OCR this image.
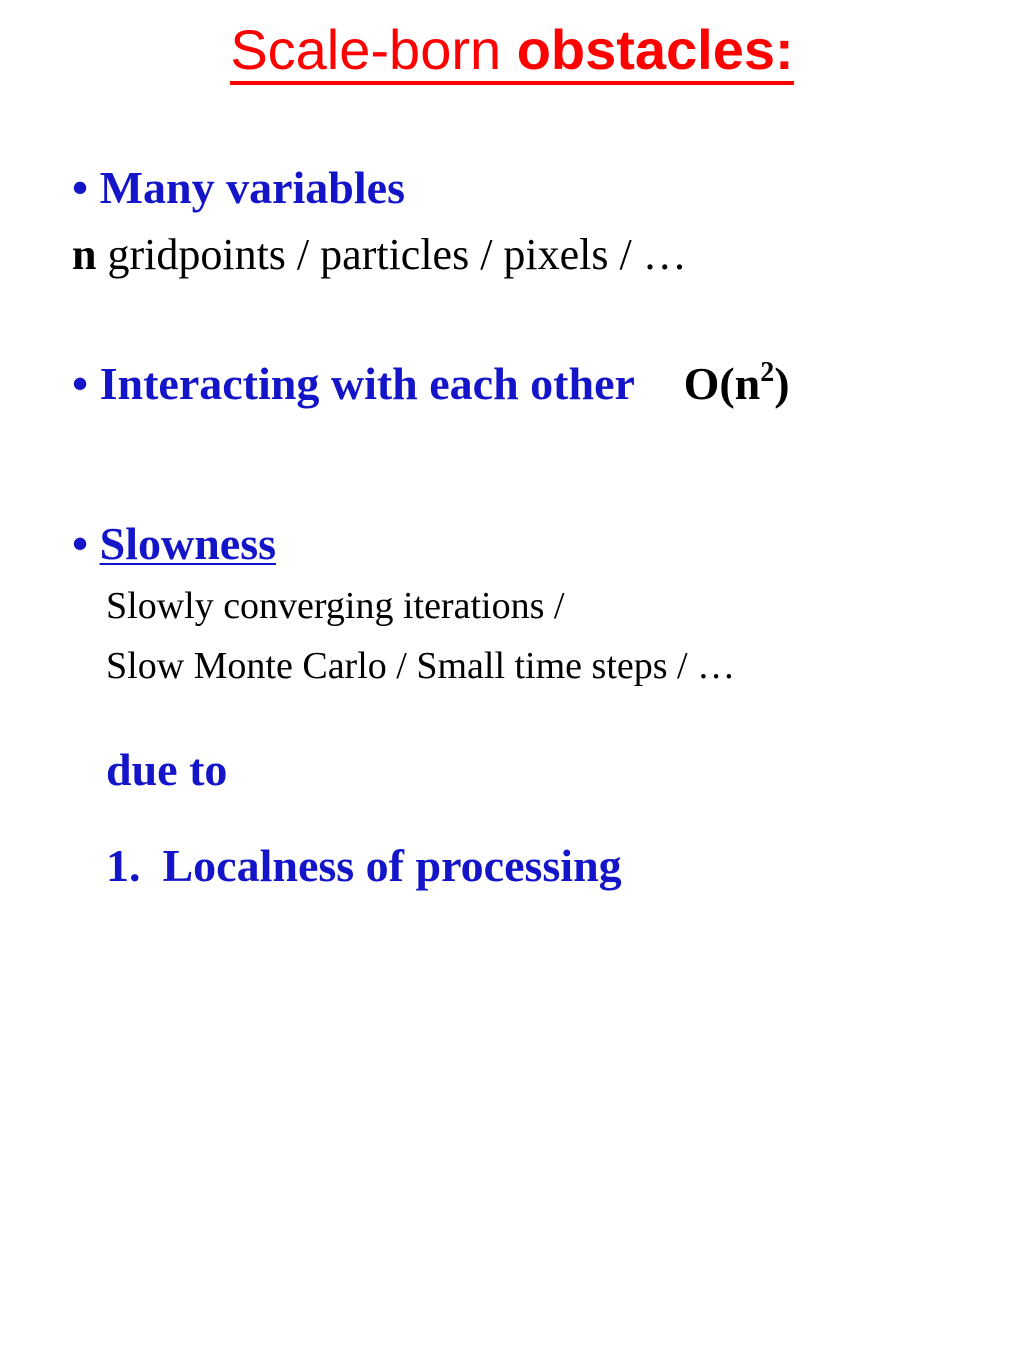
Scale-born obstacles:
• Many variables
n gridpoints / particles / pixels / …
• Interacting with each other $O(n^2)$
• Slowness
Slowly converging iterations /
Slow Monte Carlo / Small time steps / …
due to
1. Localness of processing
